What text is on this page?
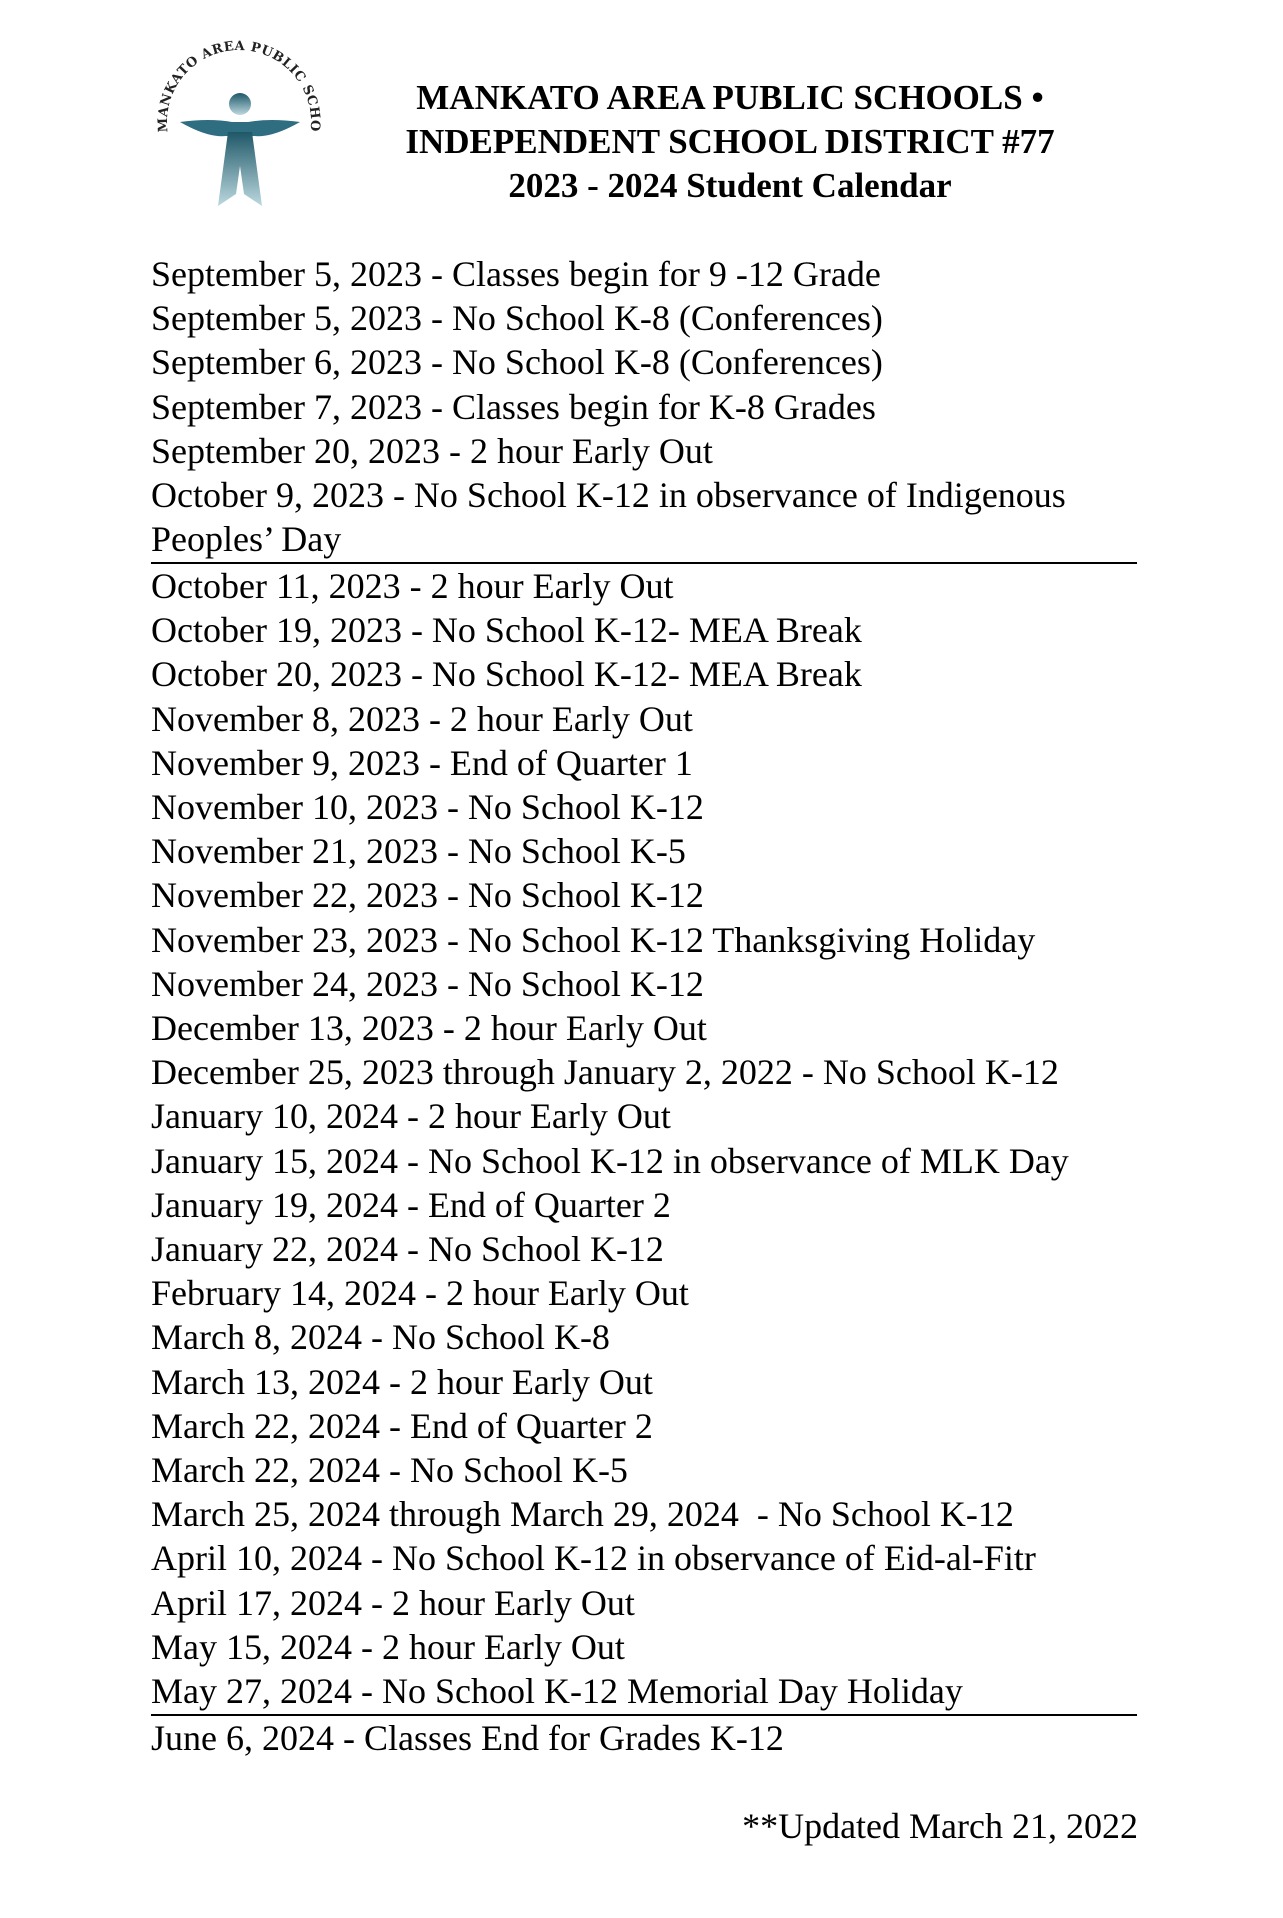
MANKATO AREA PUBLIC SCHO
MANKATO AREA PUBLIC SCHOOLS •
INDEPENDENT SCHOOL DISTRICT #77
2023 - 2024 Student Calendar
September 5, 2023 - Classes begin for 9 -12 Grade
September 5, 2023 - No School K-8 (Conferences)
September 6, 2023 - No School K-8 (Conferences)
September 7, 2023 - Classes begin for K-8 Grades
September 20, 2023 - 2 hour Early Out
October 9, 2023 - No School K-12 in observance of Indigenous Peoples’ Day
October 11, 2023 - 2 hour Early Out
October 19, 2023 - No School K-12- MEA Break
October 20, 2023 - No School K-12- MEA Break
November 8, 2023 - 2 hour Early Out
November 9, 2023 - End of Quarter 1
November 10, 2023 - No School K-12
November 21, 2023 - No School K-5
November 22, 2023 - No School K-12
November 23, 2023 - No School K-12 Thanksgiving Holiday
November 24, 2023 - No School K-12
December 13, 2023 - 2 hour Early Out
December 25, 2023 through January 2, 2022 - No School K-12
January 10, 2024 - 2 hour Early Out
January 15, 2024 - No School K-12 in observance of MLK Day
January 19, 2024 - End of Quarter 2
January 22, 2024 - No School K-12
February 14, 2024 - 2 hour Early Out
March 8, 2024 - No School K-8
March 13, 2024 - 2 hour Early Out
March 22, 2024 - End of Quarter 2
March 22, 2024 - No School K-5
March 25, 2024 through March 29, 2024  - No School K-12
April 10, 2024 - No School K-12 in observance of Eid-al-Fitr
April 17, 2024 - 2 hour Early Out
May 15, 2024 - 2 hour Early Out
May 27, 2024 - No School K-12 Memorial Day Holiday
June 6, 2024 - Classes End for Grades K-12
**Updated March 21, 2022
